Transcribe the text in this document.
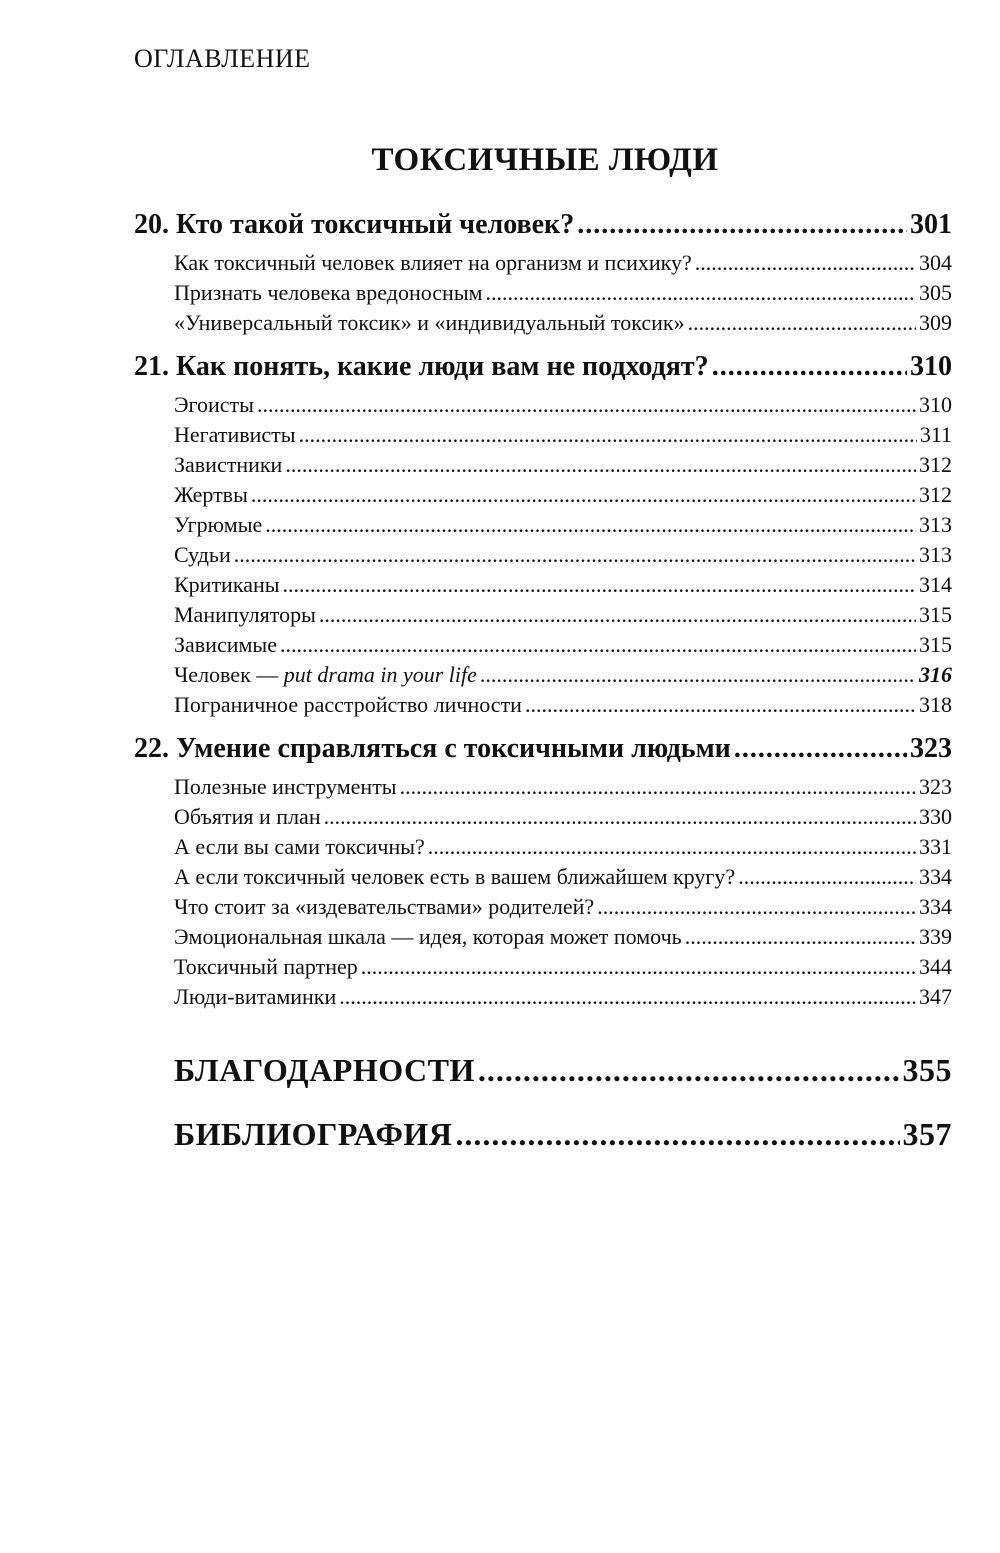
ОГЛАВЛЕНИЕ
ТОКСИЧНЫЕ ЛЮДИ
20. Кто такой токсичный человек? .....	301
Как токсичный человек влияет на организм и психику? .....	304
Признать человека вредоносным .....	305
«Универсальный токсик» и «индивидуальный токсик» .....	309
21. Как понять, какие люди вам не подходят? .....	310
Эгоисты .....	310
Негативисты .....	311
Завистники .....	312
Жертвы .....	312
Угрюмые .....	313
Судьи .....	313
Критиканы .....	314
Манипуляторы .....	315
Зависимые .....	315
Человек — put drama in your life .....	316
Пограничное расстройство личности .....	318
22. Умение справляться с токсичными людьми .....	323
Полезные инструменты .....	323
Объятия и план .....	330
А если вы сами токсичны? .....	331
А если токсичный человек есть в вашем ближайшем кругу? .....	334
Что стоит за «издевательствами» родителей? .....	334
Эмоциональная шкала — идея, которая может помочь .....	339
Токсичный партнер .....	344
Люди-витаминки .....	347
БЛАГОДАРНОСТИ .....	355
БИБЛИОГРАФИЯ .....	357
